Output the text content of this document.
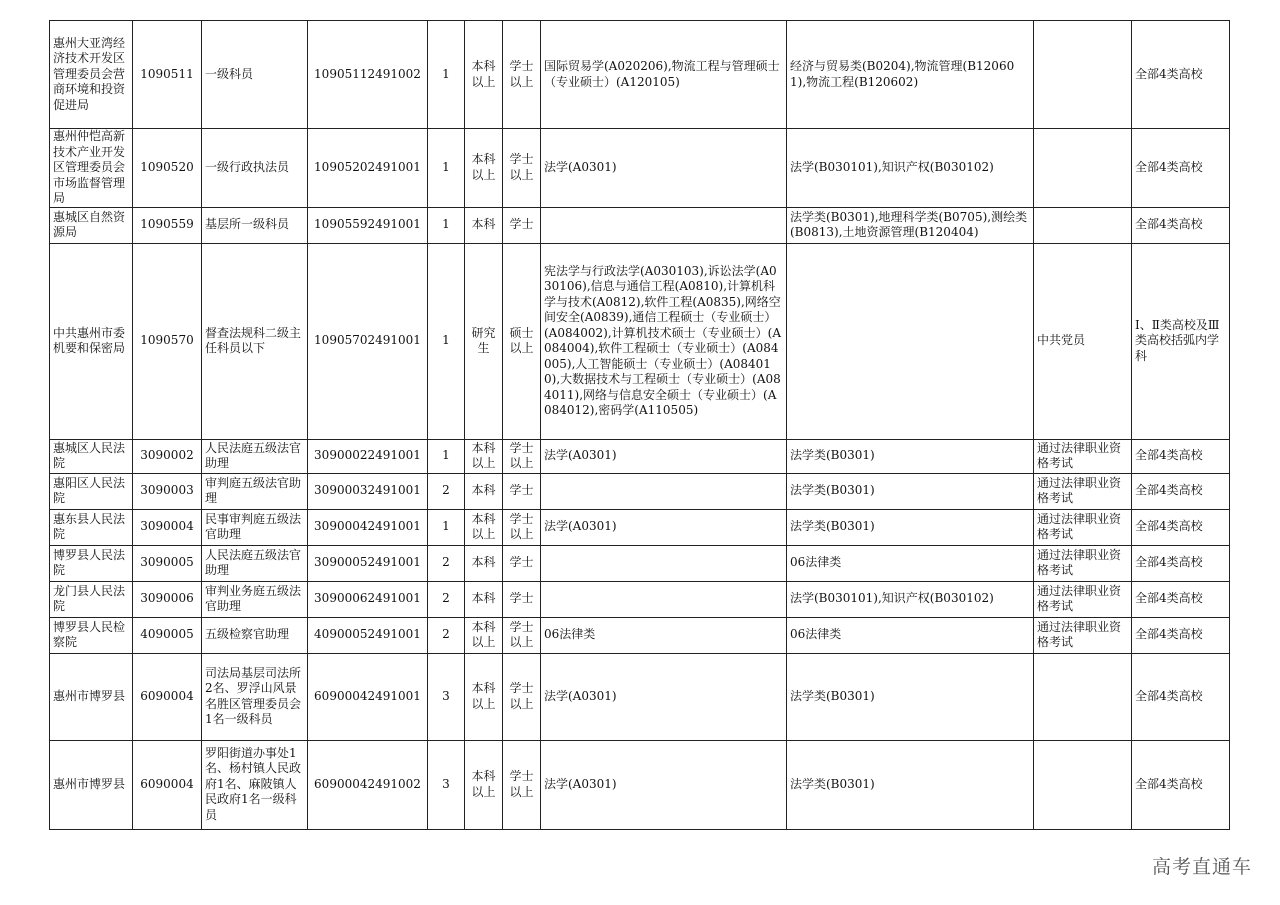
惠州大亚湾经济技术开发区管理委员会营商环境和投资促进局	1090511	一级科员	10905112491002	1	本科以上	学士以上	国际贸易学(A020206),物流工程与管理硕士（专业硕士）(A120105)	经济与贸易类(B0204),物流管理(B120601),物流工程(B120602)		全部4类高校
惠州仲恺高新技术产业开发区管理委员会市场监督管理局	1090520	一级行政执法员	10905202491001	1	本科以上	学士以上	法学(A0301)	法学(B030101),知识产权(B030102)		全部4类高校
惠城区自然资源局	1090559	基层所一级科员	10905592491001	1	本科	学士		法学类(B0301),地理科学类(B0705),测绘类(B0813),土地资源管理(B120404)		全部4类高校
中共惠州市委机要和保密局	1090570	督查法规科二级主任科员以下	10905702491001	1	研究生	硕士以上	宪法学与行政法学(A030103),诉讼法学(A030106),信息与通信工程(A0810),计算机科学与技术(A0812),软件工程(A0835),网络空间安全(A0839),通信工程硕士（专业硕士）(A084002),计算机技术硕士（专业硕士）(A084004),软件工程硕士（专业硕士）(A084005),人工智能硕士（专业硕士）(A084010),大数据技术与工程硕士（专业硕士）(A084011),网络与信息安全硕士（专业硕士）(A084012),密码学(A110505)		中共党员	Ⅰ、Ⅱ类高校及Ⅲ类高校括弧内学科
惠城区人民法院	3090002	人民法庭五级法官助理	30900022491001	1	本科以上	学士以上	法学(A0301)	法学类(B0301)	通过法律职业资格考试	全部4类高校
惠阳区人民法院	3090003	审判庭五级法官助理	30900032491001	2	本科	学士		法学类(B0301)	通过法律职业资格考试	全部4类高校
惠东县人民法院	3090004	民事审判庭五级法官助理	30900042491001	1	本科以上	学士以上	法学(A0301)	法学类(B0301)	通过法律职业资格考试	全部4类高校
博罗县人民法院	3090005	人民法庭五级法官助理	30900052491001	2	本科	学士		06法律类	通过法律职业资格考试	全部4类高校
龙门县人民法院	3090006	审判业务庭五级法官助理	30900062491001	2	本科	学士		法学(B030101),知识产权(B030102)	通过法律职业资格考试	全部4类高校
博罗县人民检察院	4090005	五级检察官助理	40900052491001	2	本科以上	学士以上	06法律类	06法律类	通过法律职业资格考试	全部4类高校
惠州市博罗县	6090004	司法局基层司法所2名、罗浮山风景名胜区管理委员会1名一级科员	60900042491001	3	本科以上	学士以上	法学(A0301)	法学类(B0301)		全部4类高校
惠州市博罗县	6090004	罗阳街道办事处1名、杨村镇人民政府1名、麻陂镇人民政府1名一级科员	60900042491002	3	本科以上	学士以上	法学(A0301)	法学类(B0301)		全部4类高校
高考直通车
